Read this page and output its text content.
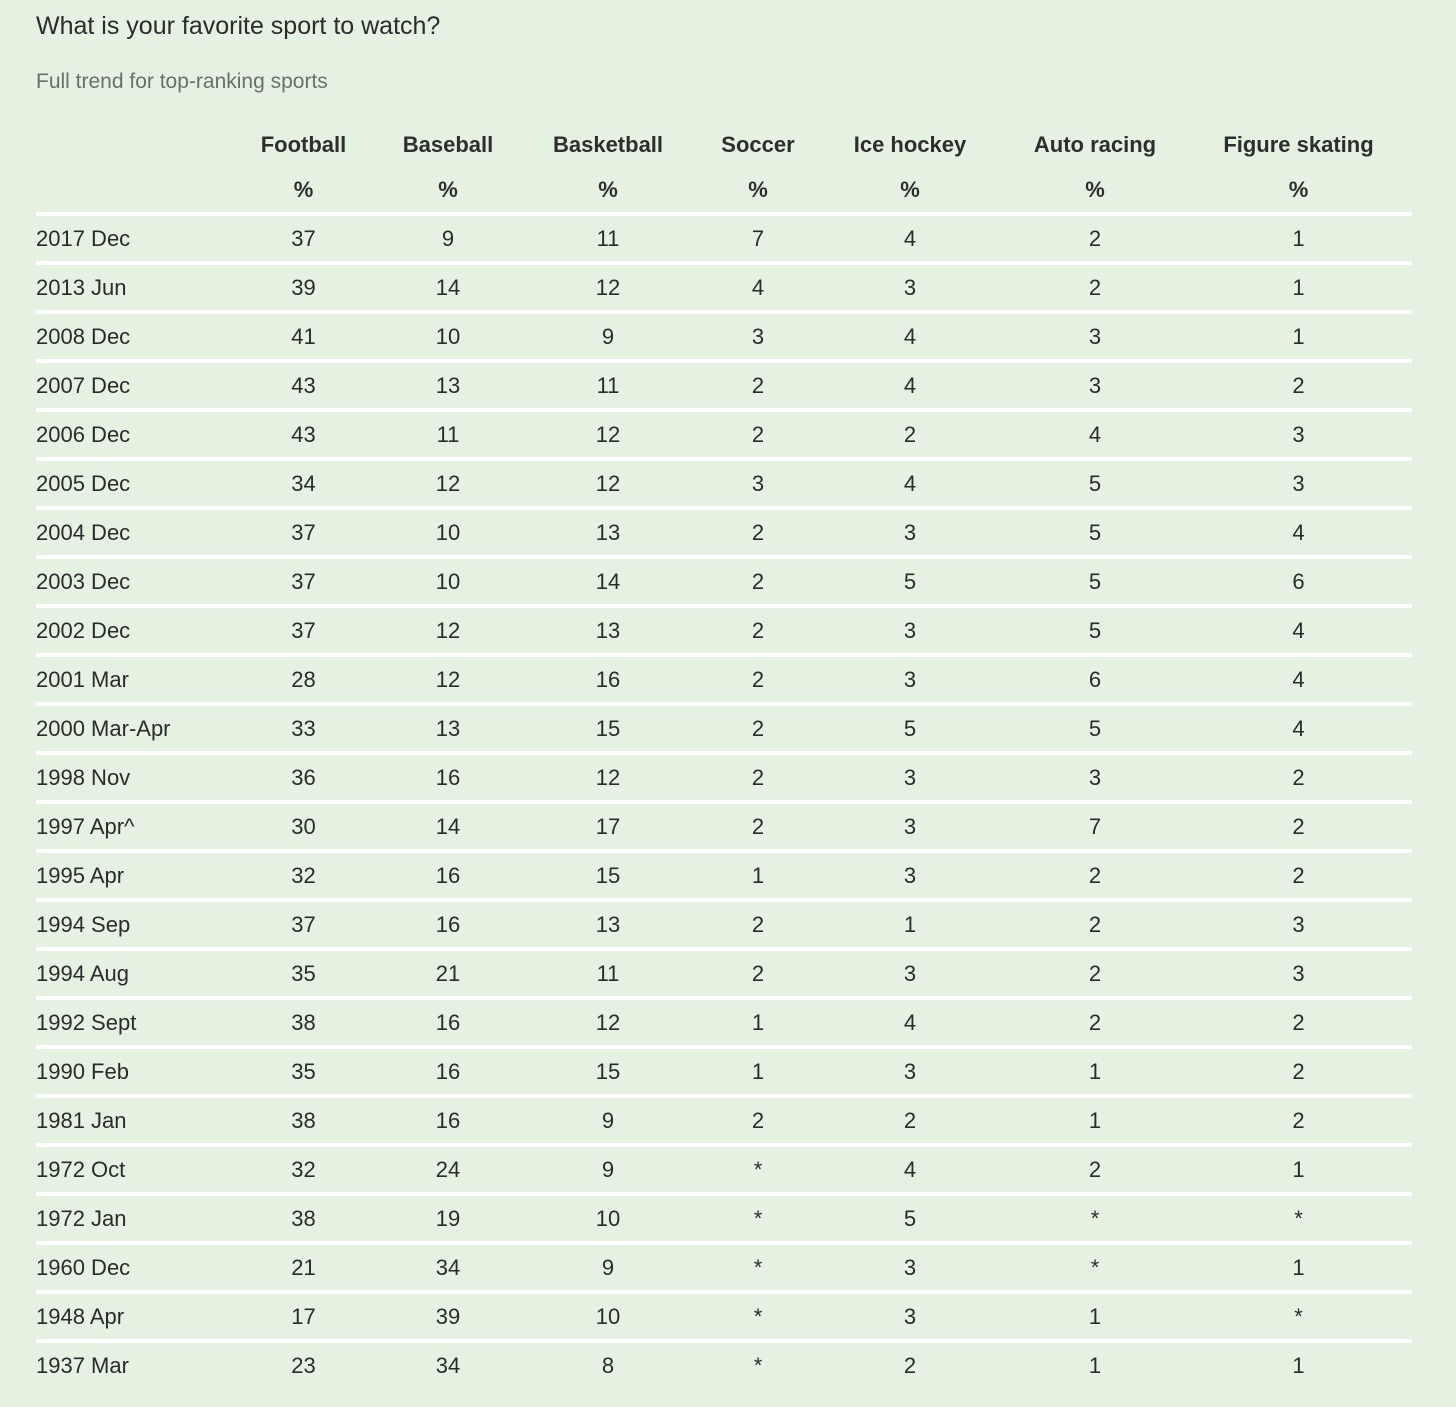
What is your favorite sport to watch?
Full trend for top-ranking sports
	Football	Baseball	Basketball	Soccer	Ice hockey	Auto racing	Figure skating
	%	%	%	%	%	%	%
2017 Dec	37	9	11	7	4	2	1
2013 Jun	39	14	12	4	3	2	1
2008 Dec	41	10	9	3	4	3	1
2007 Dec	43	13	11	2	4	3	2
2006 Dec	43	11	12	2	2	4	3
2005 Dec	34	12	12	3	4	5	3
2004 Dec	37	10	13	2	3	5	4
2003 Dec	37	10	14	2	5	5	6
2002 Dec	37	12	13	2	3	5	4
2001 Mar	28	12	16	2	3	6	4
2000 Mar-Apr	33	13	15	2	5	5	4
1998 Nov	36	16	12	2	3	3	2
1997 Apr^	30	14	17	2	3	7	2
1995 Apr	32	16	15	1	3	2	2
1994 Sep	37	16	13	2	1	2	3
1994 Aug	35	21	11	2	3	2	3
1992 Sept	38	16	12	1	4	2	2
1990 Feb	35	16	15	1	3	1	2
1981 Jan	38	16	9	2	2	1	2
1972 Oct	32	24	9	*	4	2	1
1972 Jan	38	19	10	*	5	*	*
1960 Dec	21	34	9	*	3	*	1
1948 Apr	17	39	10	*	3	1	*
1937 Mar	23	34	8	*	2	1	1
